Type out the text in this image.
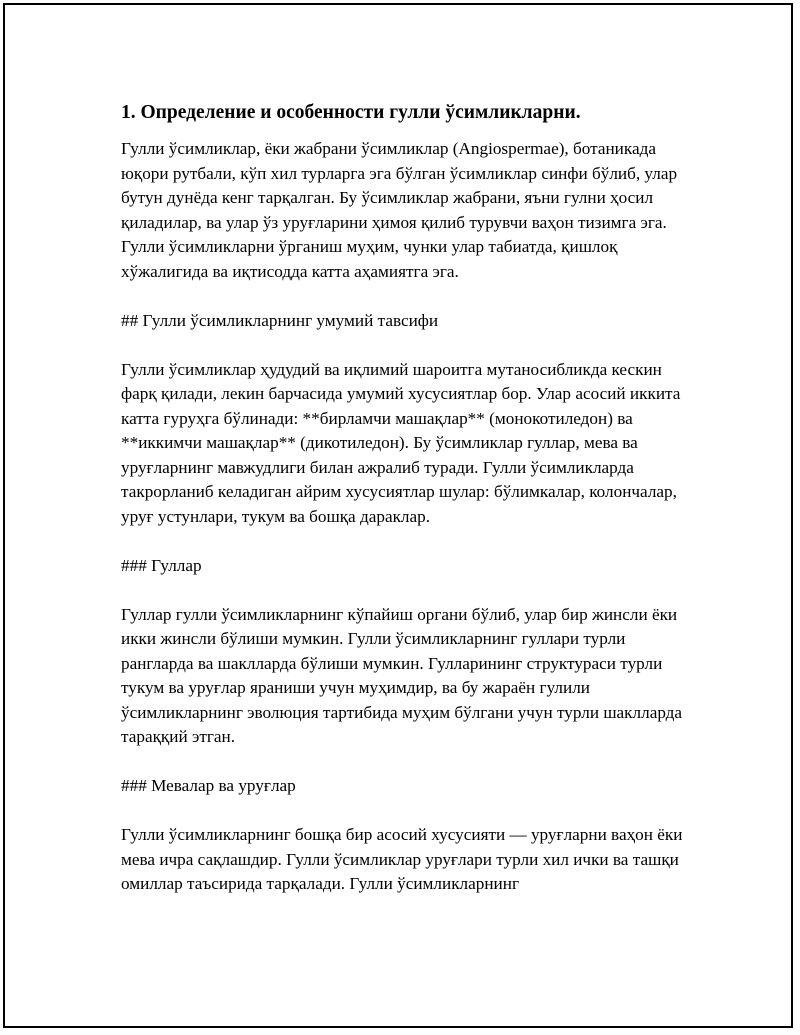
1. Определение и особенности гулли ўсимликларни.

Гулли ўсимликлар, ёки жабрани ўсимликлар (Angiospermae), ботаникада юқори рутбали, кўп хил турларга эга бўлган ўсимликлар синфи бўлиб, улар бутун дунёда кенг тарқалган. Бу ўсимликлар жабрани, яъни гулни ҳосил қиладилар, ва улар ўз уруғларини ҳимоя қилиб турувчи ваҳон тизимга эга. Гулли ўсимликларни ўрганиш муҳим, чунки улар табиатда, қишлоқ хўжалигида ва иқтисодда катта аҳамиятга эга.

## Гулли ўсимликларнинг умумий тавсифи

Гулли ўсимликлар ҳудудий ва иқлимий шароитга мутаносибликда кескин фарқ қилади, лекин барчасида умумий хусусиятлар бор. Улар асосий иккита катта гуруҳга бўлинади: **бирламчи машақлар** (монокотиледон) ва **иккимчи машақлар** (дикотиледон). Бу ўсимликлар гуллар, мева ва уруғларнинг мавжудлиги билан ажралиб туради. Гулли ўсимликларда такрорланиб келадиган айрим хусусиятлар шулар: бўлимкалар, колончалар, уруғ устунлари, тукум ва бошқа дараклар.

### Гуллар

Гуллар гулли ўсимликларнинг кўпайиш органи бўлиб, улар бир жинсли ёки икки жинсли бўлиши мумкин. Гулли ўсимликларнинг гуллари турли рангларда ва шаклларда бўлиши мумкин. Гулларининг структураси турли тукум ва уруғлар яраниши учун муҳимдир, ва бу жараён гулили ўсимликларнинг эволюция тартибида муҳим бўлгани учун турли шаклларда тараққий этган.

### Мевалар ва уруғлар

Гулли ўсимликларнинг бошқа бир асосий хусусияти — уруғларни ваҳон ёки мева ичра сақлашдир. Гулли ўсимликлар уруғлари турли хил ички ва ташқи омиллар таъсирида тарқалади. Гулли ўсимликларнинг
